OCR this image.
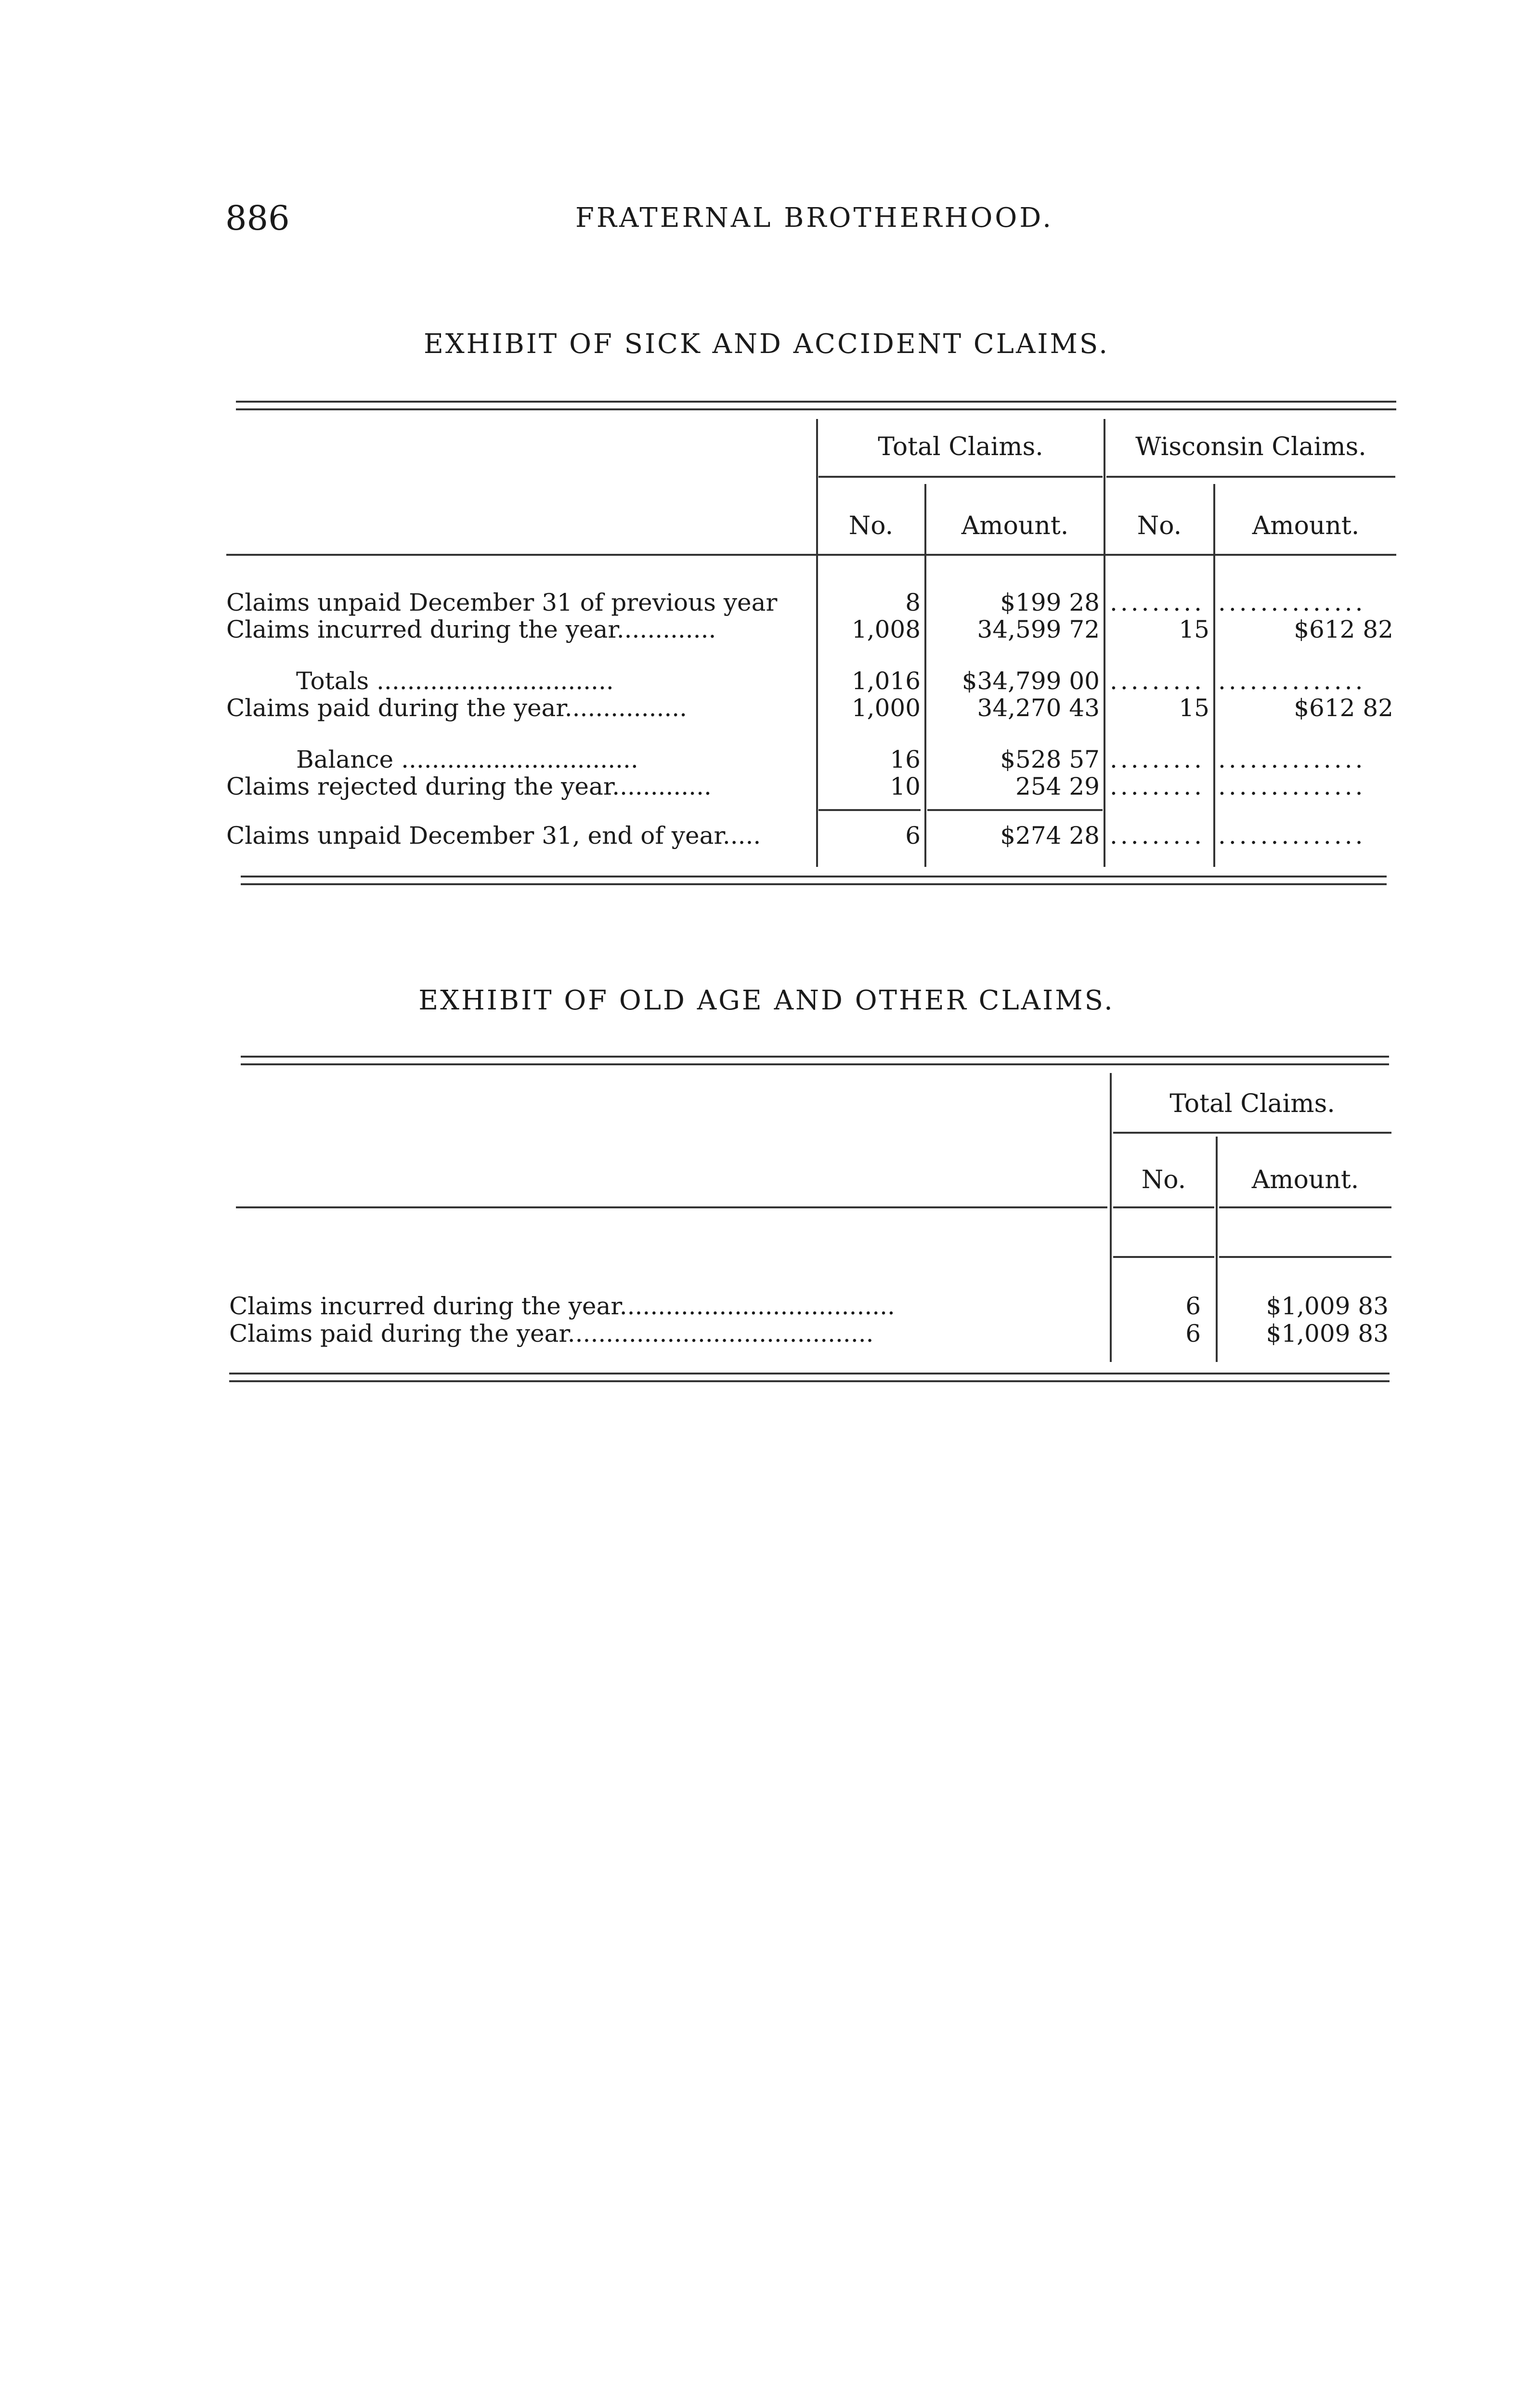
886	FRATERNAL BROTHERHOOD.
EXHIBIT OF SICK AND ACCIDENT CLAIMS.
Total Claims.	Wisconsin Claims.
No.	Amount.	No.	Amount.
Claims unpaid December 31 of previous year	8	$199 28 ......... ..............
Claims incurred during the year.............	1,008	34,599 72	15	$612 82
Totals ...............................	1,016	$34,799 00 ......... ..............
Claims paid during the year................	1,000	34,270 43	15	$612 82
Balance ...............................	16	$528 57 ......... ..............
Claims rejected during the year.............	10	254 29 ......... ..............
Claims unpaid December 31, end of year.....	6	$274 28 ......... ..............
EXHIBIT OF OLD AGE AND OTHER CLAIMS.
Total Claims.
No.	Amount.
Claims incurred during the year....................................	6	$1,009 83
Claims paid during the year........................................	6	$1,009 83
